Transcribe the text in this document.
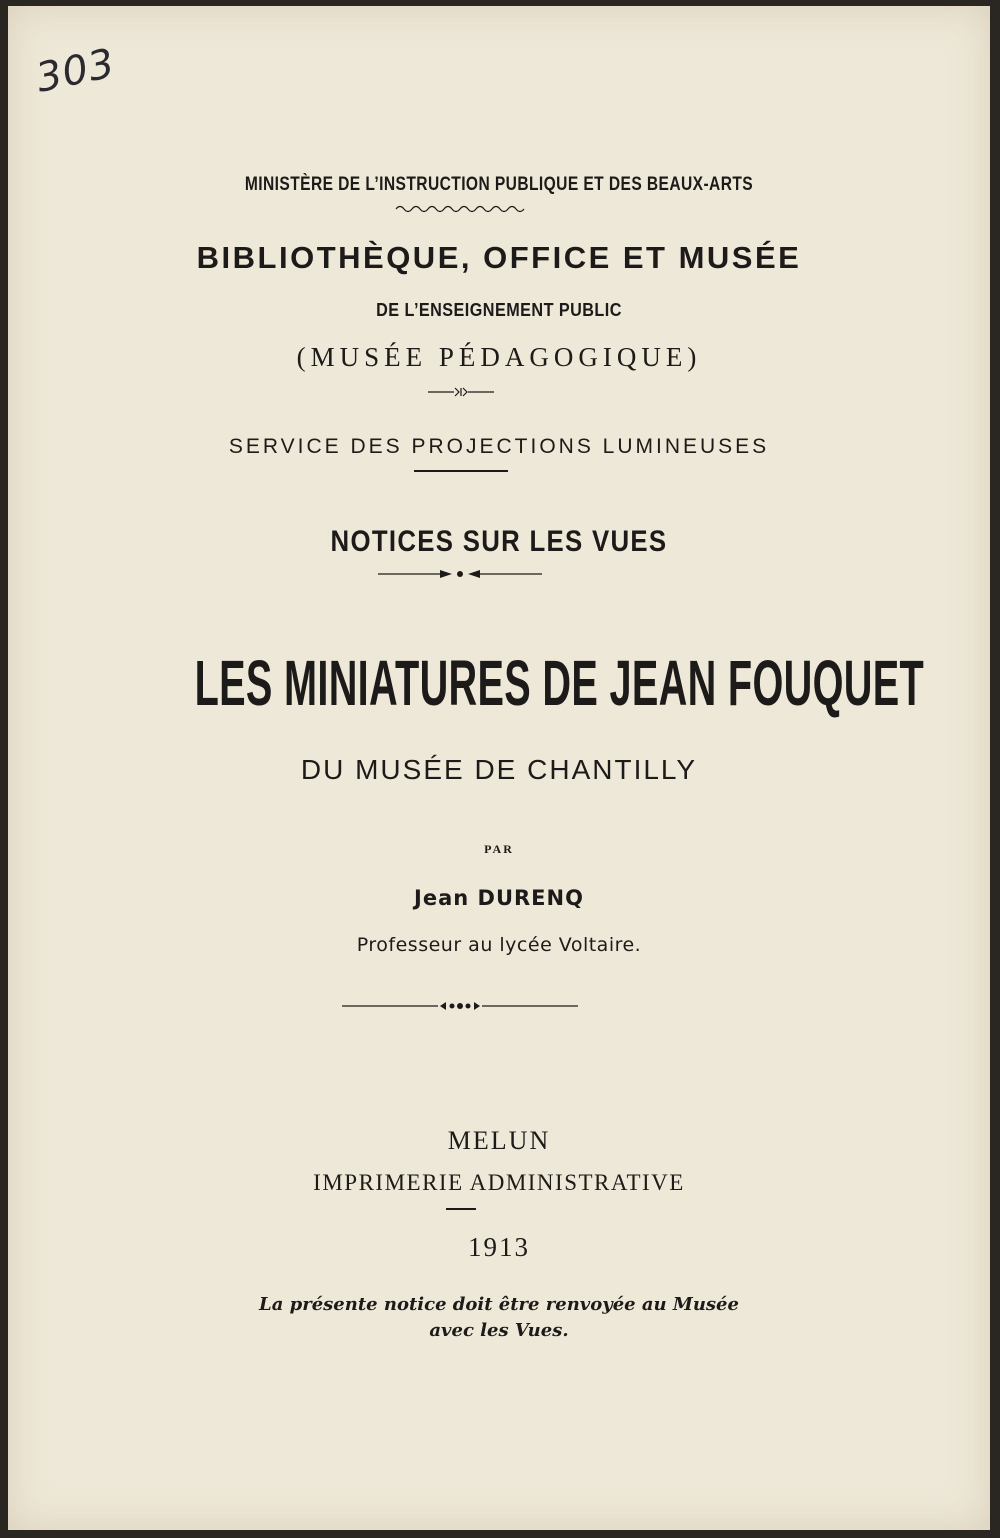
303
MINISTÈRE DE L’INSTRUCTION PUBLIQUE ET DES BEAUX-ARTS
BIBLIOTHÈQUE, OFFICE ET MUSÉE
DE L’ENSEIGNEMENT PUBLIC
(MUSÉE PÉDAGOGIQUE)
SERVICE DES PROJECTIONS LUMINEUSES
NOTICES SUR LES VUES
LES MINIATURES DE JEAN FOUQUET
DU MUSÉE DE CHANTILLY
PAR
Jean DURENQ
Professeur au lycée Voltaire.
MELUN
IMPRIMERIE ADMINISTRATIVE
1913
La présente notice doit être renvoyée au Musée
avec les Vues.
